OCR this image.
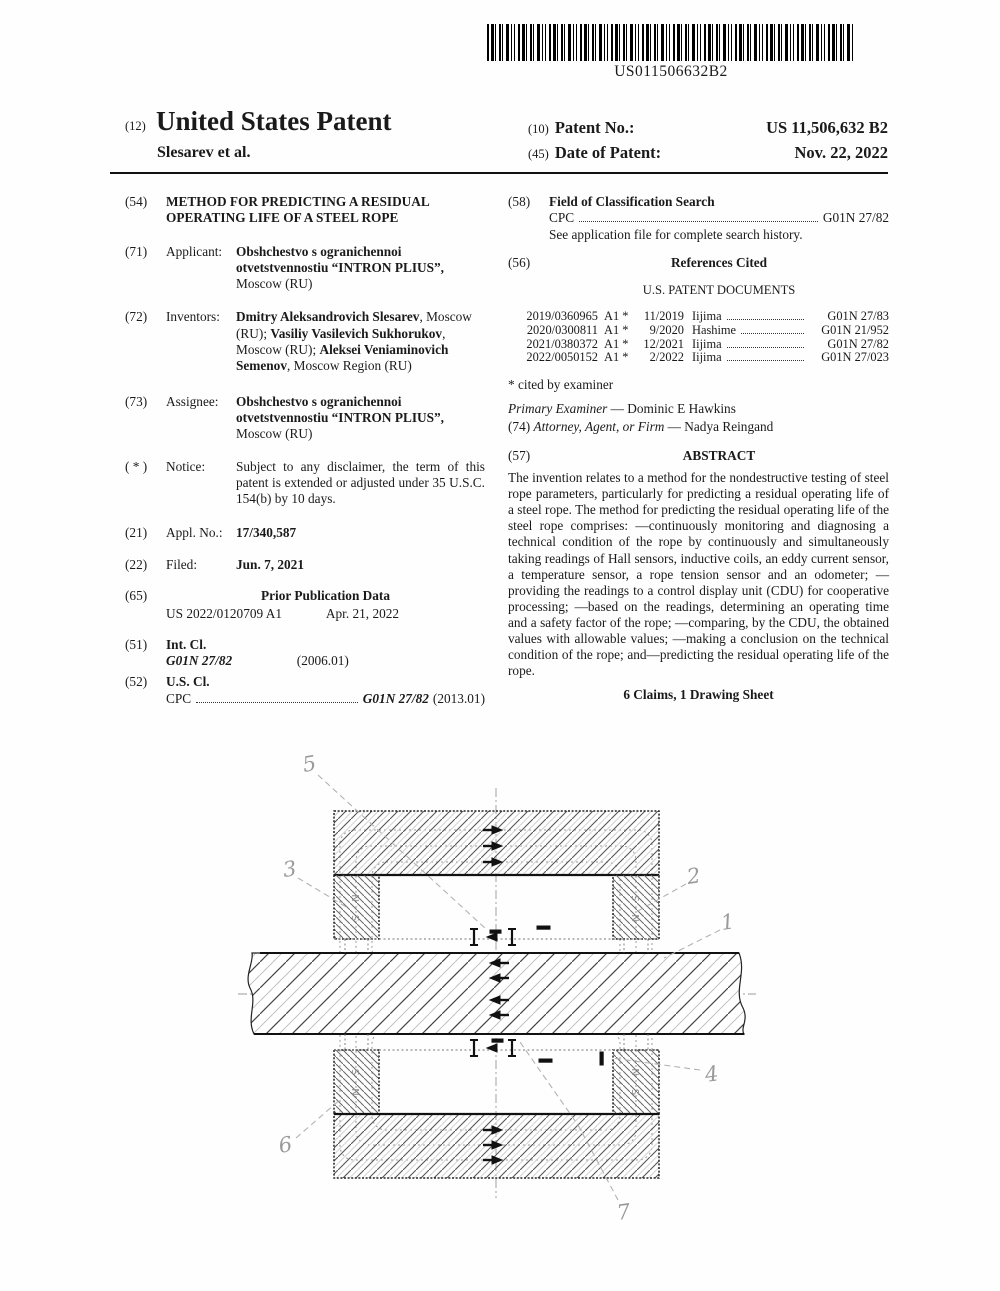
US011506632B2
(12) United States Patent
Slesarev et al.
(10) Patent No.:	US 11,506,632 B2
(45) Date of Patent:	Nov. 22, 2022
(54)	METHOD FOR PREDICTING A RESIDUAL OPERATING LIFE OF A STEEL ROPE
(71)	Applicant:	Obshchestvo s ogranichennoi otvetstvennostiu “INTRON PLIUS”, Moscow (RU)
(72)	Inventors:	Dmitry Aleksandrovich Slesarev, Moscow (RU); Vasiliy Vasilevich Sukhorukov, Moscow (RU); Aleksei Veniaminovich Semenov, Moscow Region (RU)
(73)	Assignee:	Obshchestvo s ogranichennoi otvetstvennostiu “INTRON PLIUS”, Moscow (RU)
( * )	Notice:	Subject to any disclaimer, the term of this patent is extended or adjusted under 35 U.S.C. 154(b) by 10 days.
(21)	Appl. No.: 17/340,587
(22)	Filed:	Jun. 7, 2021
(65)	Prior Publication Data
US 2022/0120709 A1	Apr. 21, 2022
(51)	Int. Cl.
G01N 27/82	(2006.01)
(52)	U.S. Cl.
CPC	G01N 27/82 (2013.01)
(58)	Field of Classification Search
CPC	G01N 27/82
See application file for complete search history.
(56)	References Cited
U.S. PATENT DOCUMENTS
2019/0360965 A1 *	11/2019 Iijima	G01N 27/83
2020/0300811 A1 *	9/2020 Hashime	G01N 21/952
2021/0380372 A1 *	12/2021 Iijima	G01N 27/82
2022/0050152 A1 *	2/2022 Iijima	G01N 27/023
* cited by examiner
Primary Examiner — Dominic E Hawkins
(74) Attorney, Agent, or Firm — Nadya Reingand
(57)	ABSTRACT
The invention relates to a method for the nondestructive testing of steel rope parameters, particularly for predicting a residual operating life of a steel rope. The method for predicting the residual operating life of the steel rope comprises: —continuously monitoring and diagnosing a technical condition of the rope by continuously and simultaneously taking readings of Hall sensors, inductive coils, an eddy current sensor, a temperature sensor, a rope tension sensor and an odometer; —providing the readings to a control display unit (CDU) for cooperative processing; —based on the readings, determining an operating time and a safety factor of the rope; —comparing, by the CDU, the obtained values with allowable values; —making a conclusion on the technical condition of the rope; and—predicting the residual operating life of the rope.
6 Claims, 1 Drawing Sheet
N
S
S
N
S
N
N
S
5
3	2
1
4
6
7
